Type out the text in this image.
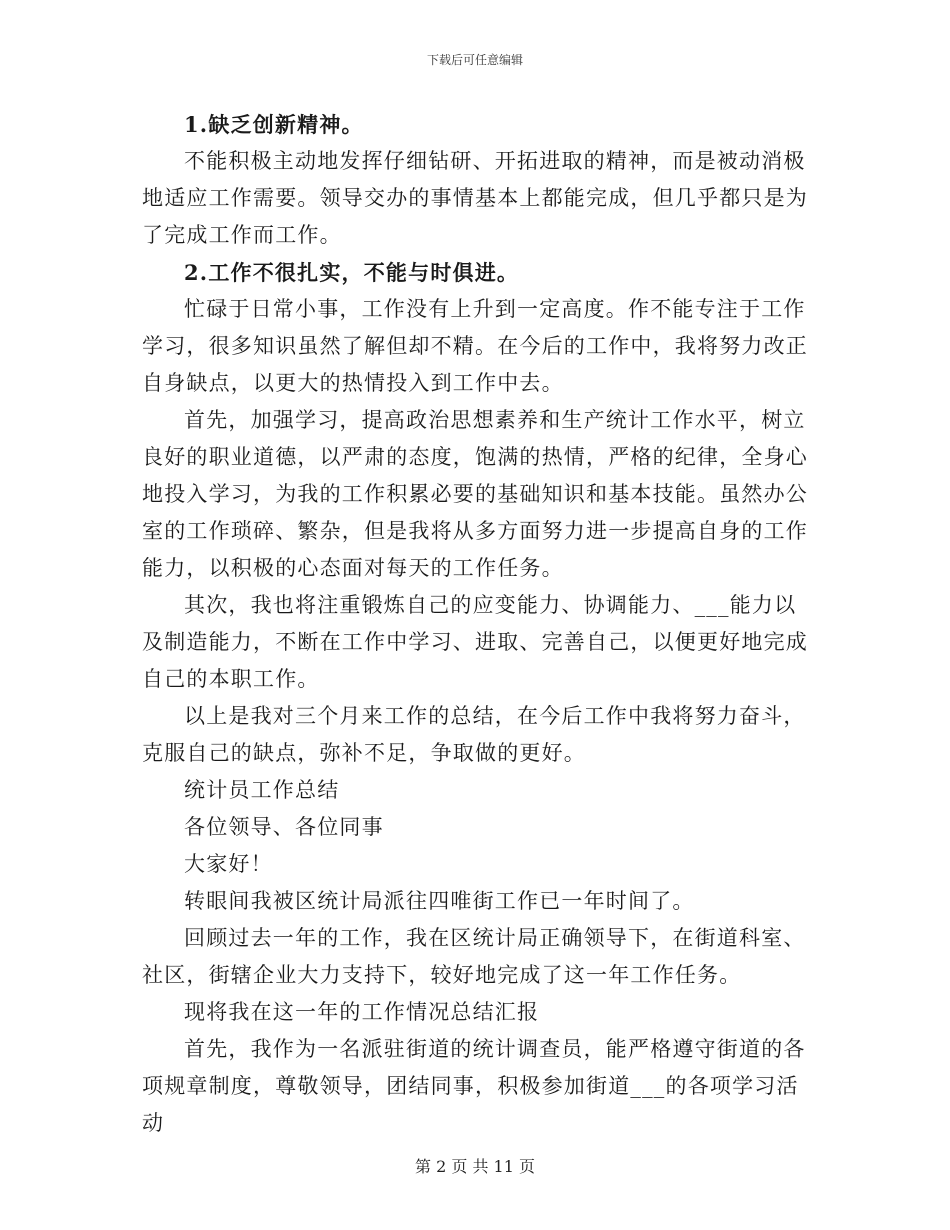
下载后可任意编辑

1.缺乏创新精神。

不能积极主动地发挥仔细钻研、开拓进取的精神，而是被动消极地适应工作需要。领导交办的事情基本上都能完成，但几乎都只是为了完成工作而工作。

2.工作不很扎实，不能与时俱进。

忙碌于日常小事，工作没有上升到一定高度。作不能专注于工作学习，很多知识虽然了解但却不精。在今后的工作中，我将努力改正自身缺点，以更大的热情投入到工作中去。

首先，加强学习，提高政治思想素养和生产统计工作水平，树立良好的职业道德，以严肃的态度，饱满的热情，严格的纪律，全身心地投入学习，为我的工作积累必要的基础知识和基本技能。虽然办公室的工作琐碎、繁杂，但是我将从多方面努力进一步提高自身的工作能力，以积极的心态面对每天的工作任务。

其次，我也将注重锻炼自己的应变能力、协调能力、___能力以及制造能力，不断在工作中学习、进取、完善自己，以便更好地完成自己的本职工作。

以上是我对三个月来工作的总结，在今后工作中我将努力奋斗，克服自己的缺点，弥补不足，争取做的更好。

统计员工作总结

各位领导、各位同事

大家好！

转眼间我被区统计局派往四唯街工作已一年时间了。

回顾过去一年的工作，我在区统计局正确领导下，在街道科室、社区，街辖企业大力支持下，较好地完成了这一年工作任务。

现将我在这一年的工作情况总结汇报

首先，我作为一名派驻街道的统计调查员，能严格遵守街道的各项规章制度，尊敬领导，团结同事，积极参加街道___的各项学习活动

第 2 页 共 11 页
